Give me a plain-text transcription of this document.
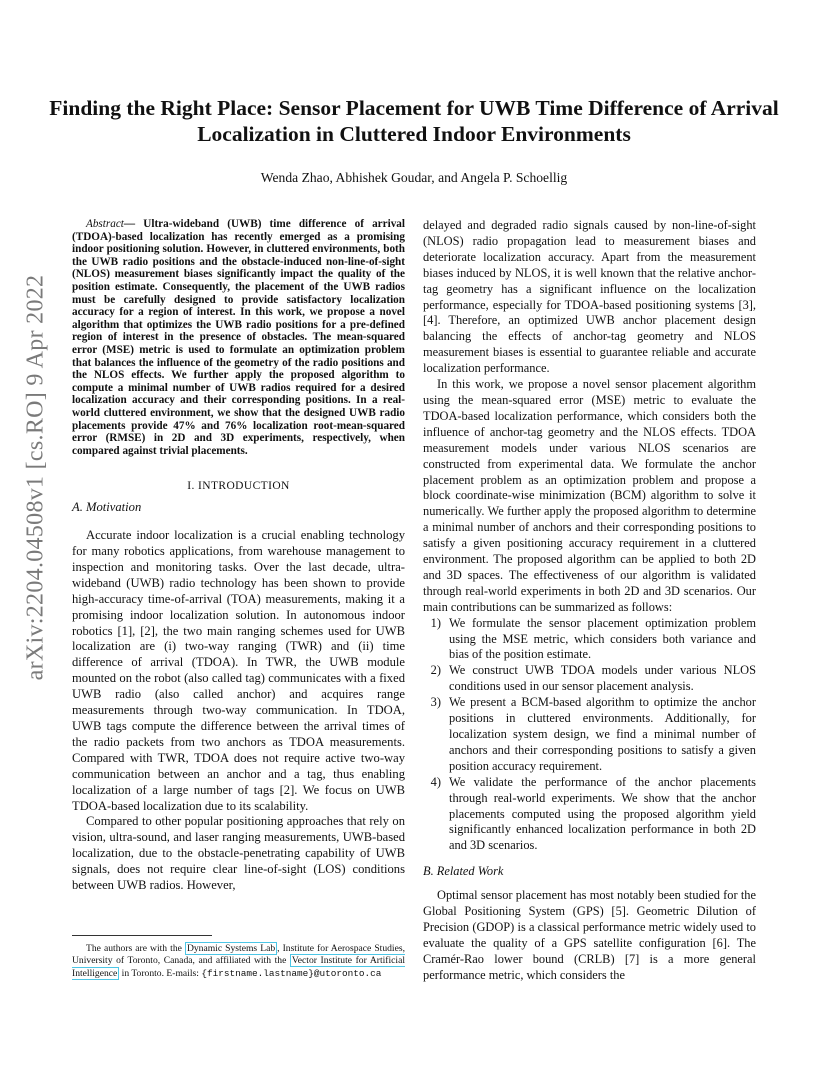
arXiv:2204.04508v1 [cs.RO] 9 Apr 2022
Finding the Right Place: Sensor Placement for UWB Time Difference of Arrival Localization in Cluttered Indoor Environments
Wenda Zhao, Abhishek Goudar, and Angela P. Schoellig

Abstract— Ultra-wideband (UWB) time difference of arrival (TDOA)-based localization has recently emerged as a promising indoor positioning solution. However, in cluttered environments, both the UWB radio positions and the obstacle-induced non-line-of-sight (NLOS) measurement biases significantly impact the quality of the position estimate. Consequently, the placement of the UWB radios must be carefully designed to provide satisfactory localization accuracy for a region of interest. In this work, we propose a novel algorithm that optimizes the UWB radio positions for a pre-defined region of interest in the presence of obstacles. The mean-squared error (MSE) metric is used to formulate an optimization problem that balances the influence of the geometry of the radio positions and the NLOS effects. We further apply the proposed algorithm to compute a minimal number of UWB radios required for a desired localization accuracy and their corresponding positions. In a real-world cluttered environment, we show that the designed UWB radio placements provide 47% and 76% localization root-mean-squared error (RMSE) in 2D and 3D experiments, respectively, when compared against trivial placements.

I. INTRODUCTION

A. Motivation

Accurate indoor localization is a crucial enabling technology for many robotics applications, from warehouse management to inspection and monitoring tasks. Over the last decade, ultra-wideband (UWB) radio technology has been shown to provide high-accuracy time-of-arrival (TOA) measurements, making it a promising indoor localization solution. In autonomous indoor robotics [1], [2], the two main ranging schemes used for UWB localization are (i) two-way ranging (TWR) and (ii) time difference of arrival (TDOA). In TWR, the UWB module mounted on the robot (also called tag) communicates with a fixed UWB radio (also called anchor) and acquires range measurements through two-way communication. In TDOA, UWB tags compute the difference between the arrival times of the radio packets from two anchors as TDOA measurements. Compared with TWR, TDOA does not require active two-way communication between an anchor and a tag, thus enabling localization of a large number of tags [2]. We focus on UWB TDOA-based localization due to its scalability.

Compared to other popular positioning approaches that rely on vision, ultra-sound, and laser ranging measurements, UWB-based localization, due to the obstacle-penetrating capability of UWB signals, does not require clear line-of-sight (LOS) conditions between UWB radios. However,

delayed and degraded radio signals caused by non-line-of-sight (NLOS) radio propagation lead to measurement biases and deteriorate localization accuracy. Apart from the measurement biases induced by NLOS, it is well known that the relative anchor-tag geometry has a significant influence on the localization performance, especially for TDOA-based positioning systems [3], [4]. Therefore, an optimized UWB anchor placement design balancing the effects of anchor-tag geometry and NLOS measurement biases is essential to guarantee reliable and accurate localization performance.

In this work, we propose a novel sensor placement algorithm using the mean-squared error (MSE) metric to evaluate the TDOA-based localization performance, which considers both the influence of anchor-tag geometry and the NLOS effects. TDOA measurement models under various NLOS scenarios are constructed from experimental data. We formulate the anchor placement problem as an optimization problem and propose a block coordinate-wise minimization (BCM) algorithm to solve it numerically. We further apply the proposed algorithm to determine a minimal number of anchors and their corresponding positions to satisfy a given positioning accuracy requirement in a cluttered environment. The proposed algorithm can be applied to both 2D and 3D spaces. The effectiveness of our algorithm is validated through real-world experiments in both 2D and 3D scenarios. Our main contributions can be summarized as follows:

1) We formulate the sensor placement optimization problem using the MSE metric, which considers both variance and bias of the position estimate.
2) We construct UWB TDOA models under various NLOS conditions used in our sensor placement analysis.
3) We present a BCM-based algorithm to optimize the anchor positions in cluttered environments. Additionally, for localization system design, we find a minimal number of anchors and their corresponding positions to satisfy a given position accuracy requirement.
4) We validate the performance of the anchor placements through real-world experiments. We show that the anchor placements computed using the proposed algorithm yield significantly enhanced localization performance in both 2D and 3D scenarios.

B. Related Work

Optimal sensor placement has most notably been studied for the Global Positioning System (GPS) [5]. Geometric Dilution of Precision (GDOP) is a classical performance metric widely used to evaluate the quality of a GPS satellite configuration [6]. The Cramér-Rao lower bound (CRLB) [7] is a more general performance metric, which considers the

The authors are with the Dynamic Systems Lab , Institute for Aerospace Studies, University of Toronto, Canada, and affiliated with the Vector Institute for Artificial Intelligence in Toronto. E-mails: {firstname.lastname}@utoronto.ca
